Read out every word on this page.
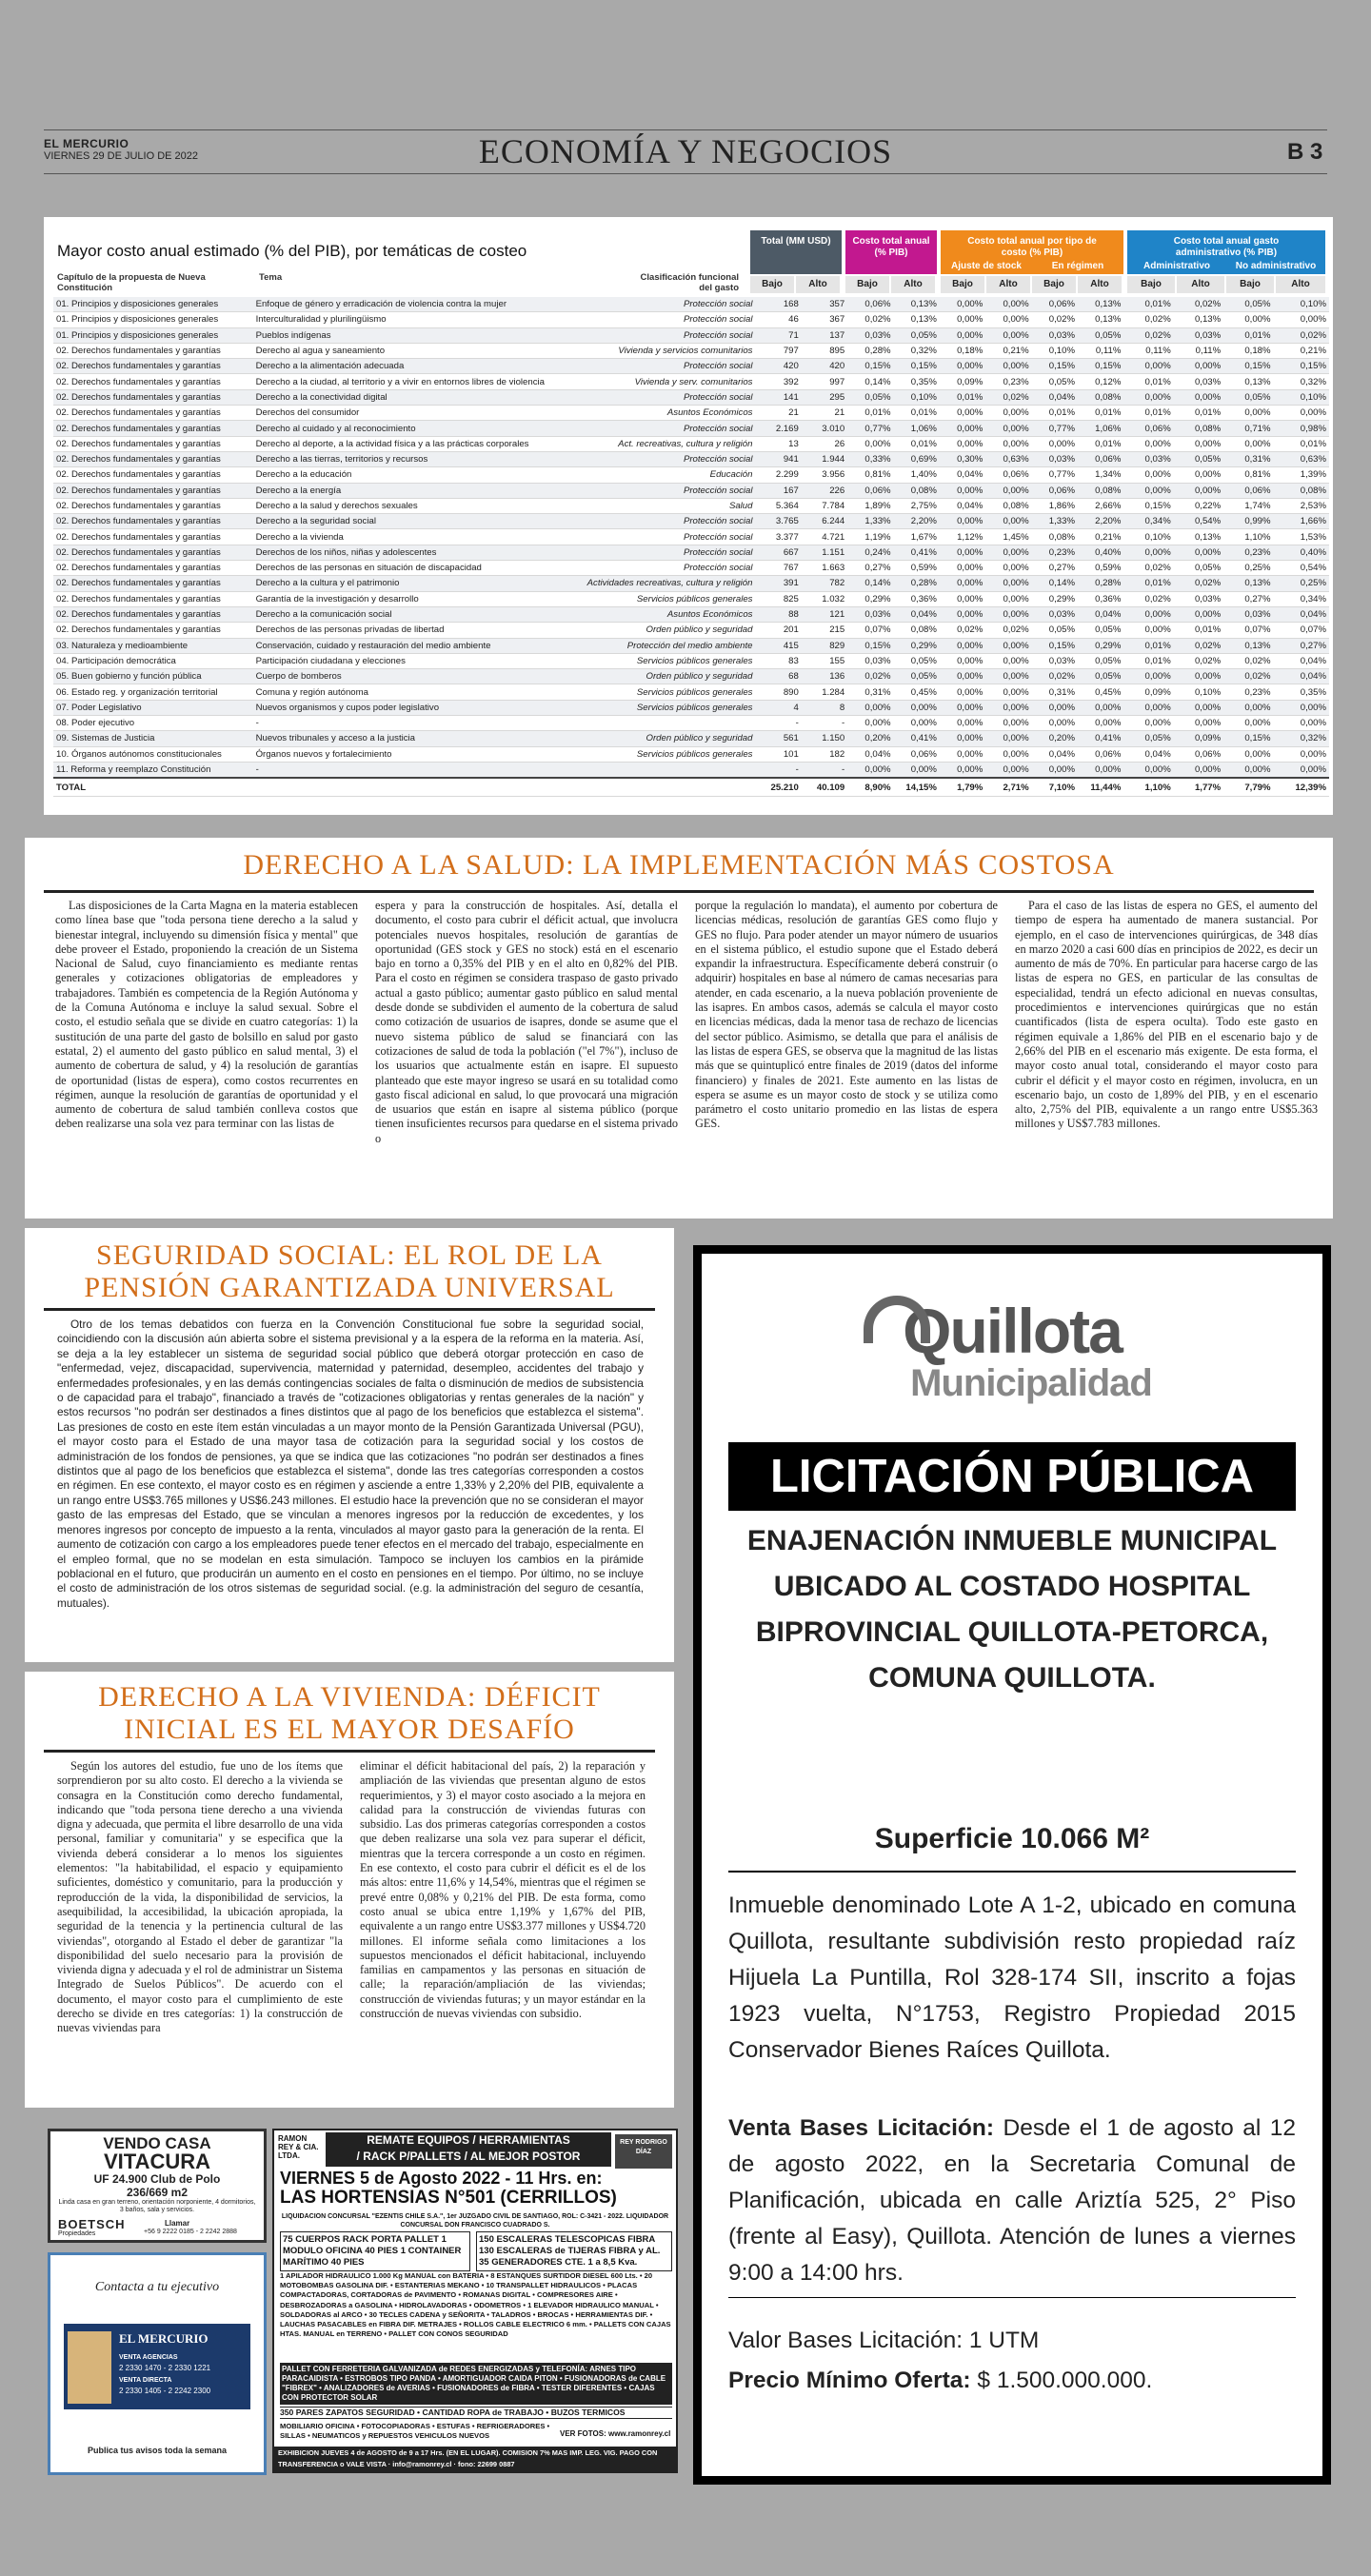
EL MERCURIO
VIERNES 29 DE JULIO DE 2022	ECONOMÍA Y NEGOCIOS	B 3
Mayor costo anual estimado (% del PIB), por temáticas de costeo
Total (MM USD)	Costo total anual (% PIB)
Costo total anual por tipo de costo (% PIB)
Ajuste de stock	En régimen
Costo total anual gasto administrativo (% PIB)
Administrativo	No administrativo
Capítulo de la propuesta de Nueva Constitución
Tema	Clasificación funcional del gasto	Bajo	Alto	Bajo	Alto	Bajo	Alto	Bajo	Alto	Bajo	Alto	Bajo	Alto
01. Principios y disposiciones generales	Enfoque de género y erradicación de violencia contra la mujer	Protección social	168	357	0,06%	0,13%	0,00%	0,00%	0,06%	0,13%	0,01%	0,02%	0,05%	0,10%
01. Principios y disposiciones generales	Interculturalidad y plurilingüismo	Protección social	46	367	0,02%	0,13%	0,00%	0,00%	0,02%	0,13%	0,02%	0,13%	0,00%	0,00%
01. Principios y disposiciones generales	Pueblos indígenas	Protección social	71	137	0,03%	0,05%	0,00%	0,00%	0,03%	0,05%	0,02%	0,03%	0,01%	0,02%
02. Derechos fundamentales y garantías	Derecho al agua y saneamiento	Vivienda y servicios comunitarios	797	895	0,28%	0,32%	0,18%	0,21%	0,10%	0,11%	0,11%	0,11%	0,18%	0,21%
02. Derechos fundamentales y garantías	Derecho a la alimentación adecuada	Protección social	420	420	0,15%	0,15%	0,00%	0,00%	0,15%	0,15%	0,00%	0,00%	0,15%	0,15%
02. Derechos fundamentales y garantías	Derecho a la ciudad, al territorio y a vivir en entornos libres de violencia	Vivienda y serv. comunitarios	392	997	0,14%	0,35%	0,09%	0,23%	0,05%	0,12%	0,01%	0,03%	0,13%	0,32%
02. Derechos fundamentales y garantías	Derecho a la conectividad digital	Protección social	141	295	0,05%	0,10%	0,01%	0,02%	0,04%	0,08%	0,00%	0,00%	0,05%	0,10%
02. Derechos fundamentales y garantías	Derechos del consumidor	Asuntos Económicos	21	21	0,01%	0,01%	0,00%	0,00%	0,01%	0,01%	0,01%	0,01%	0,00%	0,00%
02. Derechos fundamentales y garantías	Derecho al cuidado y al reconocimiento	Protección social	2.169	3.010	0,77%	1,06%	0,00%	0,00%	0,77%	1,06%	0,06%	0,08%	0,71%	0,98%
02. Derechos fundamentales y garantías	Derecho al deporte, a la actividad física y a las prácticas corporales	Act. recreativas, cultura y religión	13	26	0,00%	0,01%	0,00%	0,00%	0,00%	0,01%	0,00%	0,00%	0,00%	0,01%
02. Derechos fundamentales y garantías	Derecho a las tierras, territorios y recursos	Protección social	941	1.944	0,33%	0,69%	0,30%	0,63%	0,03%	0,06%	0,03%	0,05%	0,31%	0,63%
02. Derechos fundamentales y garantías	Derecho a la educación	Educación	2.299	3.956	0,81%	1,40%	0,04%	0,06%	0,77%	1,34%	0,00%	0,00%	0,81%	1,39%
02. Derechos fundamentales y garantías	Derecho a la energía	Protección social	167	226	0,06%	0,08%	0,00%	0,00%	0,06%	0,08%	0,00%	0,00%	0,06%	0,08%
02. Derechos fundamentales y garantías	Derecho a la salud y derechos sexuales	Salud	5.364	7.784	1,89%	2,75%	0,04%	0,08%	1,86%	2,66%	0,15%	0,22%	1,74%	2,53%
02. Derechos fundamentales y garantías	Derecho a la seguridad social	Protección social	3.765	6.244	1,33%	2,20%	0,00%	0,00%	1,33%	2,20%	0,34%	0,54%	0,99%	1,66%
02. Derechos fundamentales y garantías	Derecho a la vivienda	Protección social	3.377	4.721	1,19%	1,67%	1,12%	1,45%	0,08%	0,21%	0,10%	0,13%	1,10%	1,53%
02. Derechos fundamentales y garantías	Derechos de los niños, niñas y adolescentes	Protección social	667	1.151	0,24%	0,41%	0,00%	0,00%	0,23%	0,40%	0,00%	0,00%	0,23%	0,40%
02. Derechos fundamentales y garantías	Derechos de las personas en situación de discapacidad	Protección social	767	1.663	0,27%	0,59%	0,00%	0,00%	0,27%	0,59%	0,02%	0,05%	0,25%	0,54%
02. Derechos fundamentales y garantías	Derecho a la cultura y el patrimonio	Actividades recreativas, cultura y religión	391	782	0,14%	0,28%	0,00%	0,00%	0,14%	0,28%	0,01%	0,02%	0,13%	0,25%
02. Derechos fundamentales y garantías	Garantía de la investigación y desarrollo	Servicios públicos generales	825	1.032	0,29%	0,36%	0,00%	0,00%	0,29%	0,36%	0,02%	0,03%	0,27%	0,34%
02. Derechos fundamentales y garantías	Derecho a la comunicación social	Asuntos Económicos	88	121	0,03%	0,04%	0,00%	0,00%	0,03%	0,04%	0,00%	0,00%	0,03%	0,04%
02. Derechos fundamentales y garantías	Derechos de las personas privadas de libertad	Orden público y seguridad	201	215	0,07%	0,08%	0,02%	0,02%	0,05%	0,05%	0,00%	0,01%	0,07%	0,07%
03. Naturaleza y medioambiente	Conservación, cuidado y restauración del medio ambiente	Protección del medio ambiente	415	829	0,15%	0,29%	0,00%	0,00%	0,15%	0,29%	0,01%	0,02%	0,13%	0,27%
04. Participación democrática	Participación ciudadana y elecciones	Servicios públicos generales	83	155	0,03%	0,05%	0,00%	0,00%	0,03%	0,05%	0,01%	0,02%	0,02%	0,04%
05. Buen gobierno y función pública	Cuerpo de bomberos	Orden público y seguridad	68	136	0,02%	0,05%	0,00%	0,00%	0,02%	0,05%	0,00%	0,00%	0,02%	0,04%
06. Estado reg. y organización territorial	Comuna y región autónoma	Servicios públicos generales	890	1.284	0,31%	0,45%	0,00%	0,00%	0,31%	0,45%	0,09%	0,10%	0,23%	0,35%
07. Poder Legislativo	Nuevos organismos y cupos poder legislativo	Servicios públicos generales	4	8	0,00%	0,00%	0,00%	0,00%	0,00%	0,00%	0,00%	0,00%	0,00%	0,00%
08. Poder ejecutivo	-		-	-	0,00%	0,00%	0,00%	0,00%	0,00%	0,00%	0,00%	0,00%	0,00%	0,00%
09. Sistemas de Justicia	Nuevos tribunales y acceso a la justicia	Orden público y seguridad	561	1.150	0,20%	0,41%	0,00%	0,00%	0,20%	0,41%	0,05%	0,09%	0,15%	0,32%
10. Órganos autónomos constitucionales	Órganos nuevos y fortalecimiento	Servicios públicos generales	101	182	0,04%	0,06%	0,00%	0,00%	0,04%	0,06%	0,04%	0,06%	0,00%	0,00%
11. Reforma y reemplazo Constitución	-		-	-	0,00%	0,00%	0,00%	0,00%	0,00%	0,00%	0,00%	0,00%	0,00%	0,00%
TOTAL			25.210	40.109	8,90%	14,15%	1,79%	2,71%	7,10%	11,44%	1,10%	1,77%	7,79%	12,39%
DERECHO A LA SALUD: LA IMPLEMENTACIÓN MÁS COSTOSA

Las disposiciones de la Carta Magna en la materia establecen como línea base que "toda persona tiene derecho a la salud y bienestar integral, incluyendo su dimensión física y mental" que debe proveer el Estado, proponiendo la creación de un Sistema Nacional de Salud, cuyo financiamiento es mediante rentas generales y cotizaciones obligatorias de empleadores y trabajadores. También es competencia de la Región Autónoma y de la Comuna Autónoma e incluye la salud sexual. Sobre el costo, el estudio señala que se divide en cuatro categorías: 1) la sustitución de una parte del gasto de bolsillo en salud por gasto estatal, 2) el aumento del gasto público en salud mental, 3) el aumento de cobertura de salud, y 4) la resolución de garantías de oportunidad (listas de espera), como costos recurrentes en régimen, aunque la resolución de garantías de oportunidad y el aumento de cobertura de salud también conlleva costos que deben realizarse una sola vez para terminar con las listas de

espera y para la construcción de hospitales. Así, detalla el documento, el costo para cubrir el déficit actual, que involucra potenciales nuevos hospitales, resolución de garantías de oportunidad (GES stock y GES no stock) está en el escenario bajo en torno a 0,35% del PIB y en el alto en 0,82% del PIB. Para el costo en régimen se considera traspaso de gasto privado actual a gasto público; aumentar gasto público en salud mental desde donde se subdividen el aumento de la cobertura de salud como cotización de usuarios de isapres, donde se asume que el nuevo sistema público de salud se financiará con las cotizaciones de salud de toda la población ("el 7%"), incluso de los usuarios que actualmente están en isapre. El supuesto planteado que este mayor ingreso se usará en su totalidad como gasto fiscal adicional en salud, lo que provocará una migración de usuarios que están en isapre al sistema público (porque tienen insuficientes recursos para quedarse en el sistema privado o

porque la regulación lo mandata), el aumento por cobertura de licencias médicas, resolución de garantías GES como flujo y GES no flujo. Para poder atender un mayor número de usuarios en el sistema público, el estudio supone que el Estado deberá expandir la infraestructura. Específicamente deberá construir (o adquirir) hospitales en base al número de camas necesarias para atender, en cada escenario, a la nueva población proveniente de las isapres. En ambos casos, además se calcula el mayor costo en licencias médicas, dada la menor tasa de rechazo de licencias del sector público. Asimismo, se detalla que para el análisis de las listas de espera GES, se observa que la magnitud de las listas más que se quintuplicó entre finales de 2019 (datos del informe financiero) y finales de 2021. Este aumento en las listas de espera se asume es un mayor costo de stock y se utiliza como parámetro el costo unitario promedio en las listas de espera GES.

Para el caso de las listas de espera no GES, el aumento del tiempo de espera ha aumentado de manera sustancial. Por ejemplo, en el caso de intervenciones quirúrgicas, de 348 días en marzo 2020 a casi 600 días en principios de 2022, es decir un aumento de más de 70%. En particular para hacerse cargo de las listas de espera no GES, en particular de las consultas de especialidad, tendrá un efecto adicional en nuevas consultas, procedimientos e intervenciones quirúrgicas que no están cuantificados (lista de espera oculta). Todo este gasto en régimen equivale a 1,86% del PIB en el escenario bajo y de 2,66% del PIB en el escenario más exigente. De esta forma, el mayor costo anual total, considerando el mayor costo para cubrir el déficit y el mayor costo en régimen, involucra, en un escenario bajo, un costo de 1,89% del PIB, y en el escenario alto, 2,75% del PIB, equivalente a un rango entre US$5.363 millones y US$7.783 millones.

SEGURIDAD SOCIAL: EL ROL DE LA PENSIÓN GARANTIZADA UNIVERSAL

Otro de los temas debatidos con fuerza en la Convención Constitucional fue sobre la seguridad social, coincidiendo con la discusión aún abierta sobre el sistema previsional y a la espera de la reforma en la materia. Así, se deja a la ley establecer un sistema de seguridad social público que deberá otorgar protección en caso de "enfermedad, vejez, discapacidad, supervivencia, maternidad y paternidad, desempleo, accidentes del trabajo y enfermedades profesionales, y en las demás contingencias sociales de falta o disminución de medios de subsistencia o de capacidad para el trabajo", financiado a través de "cotizaciones obligatorias y rentas generales de la nación" y estos recursos "no podrán ser destinados a fines distintos que al pago de los beneficios que establezca el sistema". Las presiones de costo en este ítem están vinculadas a un mayor monto de la Pensión Garantizada Universal (PGU), el mayor costo para el Estado de una mayor tasa de cotización para la seguridad social y los costos de administración de los fondos de pensiones, ya que se indica que las cotizaciones "no podrán ser destinados a fines distintos que al pago de los beneficios que establezca el sistema", donde las tres categorías corresponden a costos en régimen. En ese contexto, el mayor costo es en régimen y asciende a entre 1,33% y 2,20% del PIB, equivalente a un rango entre US$3.765 millones y US$6.243 millones. El estudio hace la prevención que no se consideran el mayor gasto de las empresas del Estado, que se vinculan a menores ingresos por la reducción de excedentes, y los menores ingresos por concepto de impuesto a la renta, vinculados al mayor gasto para la generación de la renta. El aumento de cotización con cargo a los empleadores puede tener efectos en el mercado del trabajo, especialmente en el empleo formal, que no se modelan en esta simulación. Tampoco se incluyen los cambios en la pirámide poblacional en el futuro, que producirán un aumento en el costo en pensiones en el tiempo. Por último, no se incluye el costo de administración de los otros sistemas de seguridad social. (e.g. la administración del seguro de cesantía, mutuales).

DERECHO A LA VIVIENDA: DÉFICIT INICIAL ES EL MAYOR DESAFÍO

Según los autores del estudio, fue uno de los ítems que sorprendieron por su alto costo. El derecho a la vivienda se consagra en la Constitución como derecho fundamental, indicando que "toda persona tiene derecho a una vivienda digna y adecuada, que permita el libre desarrollo de una vida personal, familiar y comunitaria" y se especifica que la vivienda deberá considerar a lo menos los siguientes elementos: "la habitabilidad, el espacio y equipamiento suficientes, doméstico y comunitario, para la producción y reproducción de la vida, la disponibilidad de servicios, la asequibilidad, la accesibilidad, la ubicación apropiada, la seguridad de la tenencia y la pertinencia cultural de las viviendas", otorgando al Estado el deber de garantizar "la disponibilidad del suelo necesario para la provisión de vivienda digna y adecuada y el rol de administrar un Sistema Integrado de Suelos Públicos". De acuerdo con el documento, el mayor costo para el cumplimiento de este derecho se divide en tres categorías: 1) la construcción de nuevas viviendas para

eliminar el déficit habitacional del país, 2) la reparación y ampliación de las viviendas que presentan alguno de estos requerimientos, y 3) el mayor costo asociado a la mejora en calidad para la construcción de viviendas futuras con subsidio. Las dos primeras categorías corresponden a costos que deben realizarse una sola vez para superar el déficit, mientras que la tercera corresponde a un costo en régimen. En ese contexto, el costo para cubrir el déficit es el de los más altos: entre 11,6% y 14,54%, mientras que el régimen se prevé entre 0,08% y 0,21% del PIB. De esta forma, como costo anual se ubica entre 1,19% y 1,67% del PIB, equivalente a un rango entre US$3.377 millones y US$4.720 millones. El informe señala como limitaciones a los supuestos mencionados el déficit habitacional, incluyendo familias en campamentos y las personas en situación de calle; la reparación/ampliación de las viviendas; construcción de viviendas futuras; y un mayor estándar en la construcción de nuevas viviendas con subsidio.

VENDO CASA
VITACURA
UF 24.900 Club de Polo
236/669 m2
Linda casa en gran terreno, orientación norponiente, 4 dormitorios, 3 baños, sala y servicios.
BOETSCH
Propiedades
Llamar
+56 9 2222 0185 - 2 2242 2888
Contacta a tu ejecutivo
EL MERCURIO
VENTA AGENCIAS
2 2330 1470 - 2 2330 1221
VENTA DIRECTA
2 2330 1405 - 2 2242 2300
Publica tus avisos toda la semana
RAMON REY & CIA. LTDA.
REMATE EQUIPOS / HERRAMIENTAS
/ RACK P/PALLETS / AL MEJOR POSTOR
REY RODRIGO DÍAZ
VIERNES 5 de Agosto 2022 - 11 Hrs. en:
LAS HORTENSIAS N°501 (CERRILLOS)
LIQUIDACION CONCURSAL "EZENTIS CHILE S.A.", 1er JUZGADO CIVIL DE SANTIAGO, ROL: C-3421 - 2022. LIQUIDADOR CONCURSAL DON FRANCISCO CUADRADO S.
75 CUERPOS RACK PORTA PALLET 1 MODULO OFICINA 40 PIES 1 CONTAINER MARÍTIMO 40 PIES
150 ESCALERAS TELESCOPICAS FIBRA 130 ESCALERAS de TIJERAS FIBRA y AL. 35 GENERADORES CTE. 1 a 8,5 Kva.
1 APILADOR HIDRAULICO 1.000 Kg MANUAL con BATERIA • 8 ESTANQUES SURTIDOR DIESEL 600 Lts. • 20 MOTOBOMBAS GASOLINA DIF. • ESTANTERIAS MEKANO • 10 TRANSPALLET HIDRAULICOS • PLACAS COMPACTADORAS, CORTADORAS de PAVIMENTO • ROMANAS DIGITAL • COMPRESORES AIRE • DESBROZADORAS a GASOLINA • HIDROLAVADORAS • ODOMETROS • 1 ELEVADOR HIDRAULICO MANUAL • SOLDADORAS al ARCO • 30 TECLES CADENA y SEÑORITA • TALADROS • BROCAS • HERRAMIENTAS DIF. • LAUCHAS PASACABLES en FIBRA DIF. METRAJES • ROLLOS CABLE ELECTRICO 6 mm. • PALLETS CON CAJAS HTAS. MANUAL en TERRENO • PALLET CON CONOS SEGURIDAD
PALLET CON FERRETERIA GALVANIZADA de REDES ENERGIZADAS y TELEFONÍA: ARNES TIPO PARACAIDISTA • ESTROBOS TIPO PANDA • AMORTIGUADOR CAIDA PITON • FUSIONADORAS de CABLE "FIBREX" • ANALIZADORES de AVERIAS • FUSIONADORES de FIBRA • TESTER DIFERENTES • CAJAS CON PROTECTOR SOLAR
350 PARES ZAPATOS SEGURIDAD • CANTIDAD ROPA de TRABAJO • BUZOS TERMICOS
MOBILIARIO OFICINA • FOTOCOPIADORAS • ESTUFAS • REFRIGERADORES • SILLAS • NEUMATICOS y REPUESTOS VEHICULOS NUEVOS	VER FOTOS: www.ramonrey.cl
EXHIBICION JUEVES 4 de AGOSTO de 9 a 17 Hrs. (EN EL LUGAR). COMISION 7% MAS IMP. LEG. VIG. PAGO CON TRANSFERENCIA o VALE VISTA · info@ramonrey.cl · fono: 22699 0887
Quillota
Municipalidad
LICITACIÓN PÚBLICA
ENAJENACIÓN INMUEBLE MUNICIPAL UBICADO AL COSTADO HOSPITAL BIPROVINCIAL QUILLOTA-PETORCA, COMUNA QUILLOTA.
Superficie 10.066 M²
Inmueble denominado Lote A 1-2, ubicado en comuna Quillota, resultante subdivisión resto propiedad raíz Hijuela La Puntilla, Rol 328-174 SII, inscrito a fojas 1923 vuelta, N°1753, Registro Propiedad 2015 Conservador Bienes Raíces Quillota.
Venta Bases Licitación: Desde el 1 de agosto al 12 de agosto 2022, en la Secretaria Comunal de Planificación, ubicada en calle Ariztía 525, 2° Piso (frente al Easy), Quillota. Atención de lunes a viernes 9:00 a 14:00 hrs.
Valor Bases Licitación: 1 UTM
Precio Mínimo Oferta: $ 1.500.000.000.
